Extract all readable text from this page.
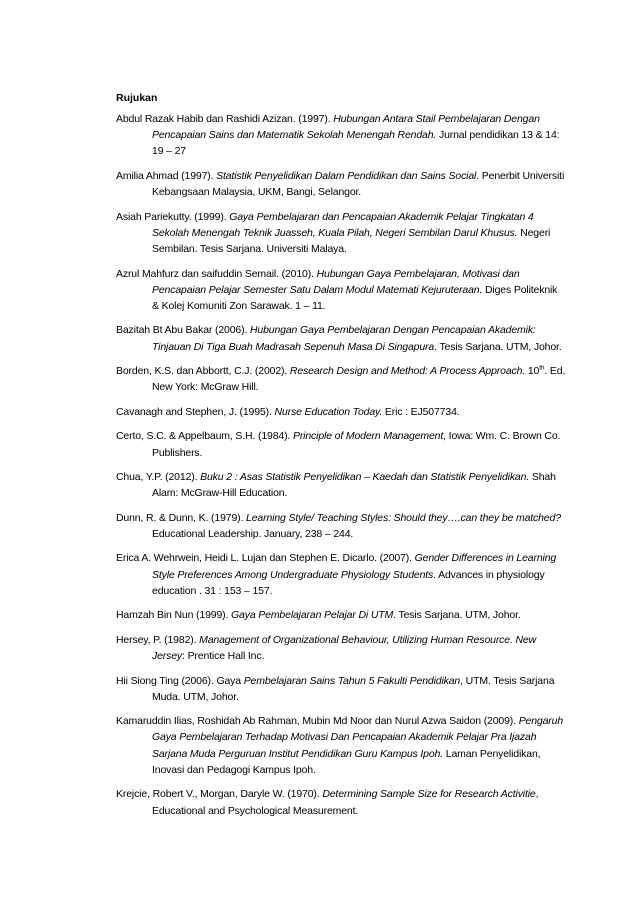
Rujukan

Abdul Razak Habib dan Rashidi Azizan. (1997). Hubungan Antara Stail Pembelajaran Dengan Pencapaian Sains dan Matematik Sekolah Menengah Rendah. Jurnal pendidikan 13 & 14: 19 – 27

Amilia Ahmad (1997). Statistik Penyelidikan Dalam Pendidikan dan Sains Social. Penerbit Universiti Kebangsaan Malaysia, UKM, Bangi, Selangor.

Asiah Pariekutty. (1999). Gaya Pembelajaran dan Pencapaian Akademik Pelajar Tingkatan 4 Sekolah Menengah Teknik Juasseh, Kuala Pilah, Negeri Sembilan Darul Khusus. Negeri Sembilan. Tesis Sarjana. Universiti Malaya.

Azrul Mahfurz dan saifuddin Semail. (2010). Hubungan Gaya Pembelajaran, Motivasi dan Pencapaian Pelajar Semester Satu Dalam Modul Matemati Kejuruteraan. Diges Politeknik & Kolej Komuniti Zon Sarawak. 1 – 11.

Bazitah Bt Abu Bakar (2006). Hubungan Gaya Pembelajaran Dengan Pencapaian Akademik: Tinjauan Di Tiga Buah Madrasah Sepenuh Masa Di Singapura. Tesis Sarjana. UTM, Johor.

Borden, K.S. dan Abbortt, C.J. (2002). Research Design and Method: A Process Approach. 10th. Ed. New York: McGraw Hill.

Cavanagh and Stephen, J. (1995). Nurse Education Today. Eric : EJ507734.

Certo, S.C. & Appelbaum, S.H. (1984). Principle of Modern Management, Iowa: Wm. C. Brown Co. Publishers.

Chua, Y.P. (2012). Buku 2 : Asas Statistik Penyelidikan – Kaedah dan Statistik Penyelidikan. Shah Alam: McGraw-Hill Education.

Dunn, R. & Dunn, K. (1979). Learning Style/ Teaching Styles: Should they….can they be matched? Educational Leadership. January, 238 – 244.

Erica A. Wehrwein, Heidi L. Lujan dan Stephen E. Dicarlo. (2007). Gender Differences in Learning Style Preferences Among Undergraduate Physiology Students. Advances in physiology education . 31 : 153 – 157.

Hamzah Bin Nun (1999). Gaya Pembelajaran Pelajar Di UTM. Tesis Sarjana. UTM, Johor.

Hersey, P. (1982). Management of Organizational Behaviour, Utilizing Human Resource. New Jersey: Prentice Hall Inc.

Hii Siong Ting (2006). Gaya Pembelajaran Sains Tahun 5 Fakulti Pendidikan, UTM. Tesis Sarjana Muda. UTM, Johor.

Kamaruddin Ilias, Roshidah Ab Rahman, Mubin Md Noor dan Nurul Azwa Saidon (2009). Pengaruh Gaya Pembelajaran Terhadap Motivasi Dan Pencapaian Akademik Pelajar Pra Ijazah Sarjana Muda Perguruan Institut Pendidikan Guru Kampus Ipoh. Laman Penyelidikan, Inovasi dan Pedagogi Kampus Ipoh.

Krejcie, Robert V., Morgan, Daryle W. (1970). Determining Sample Size for Research Activitie, Educational and Psychological Measurement.
